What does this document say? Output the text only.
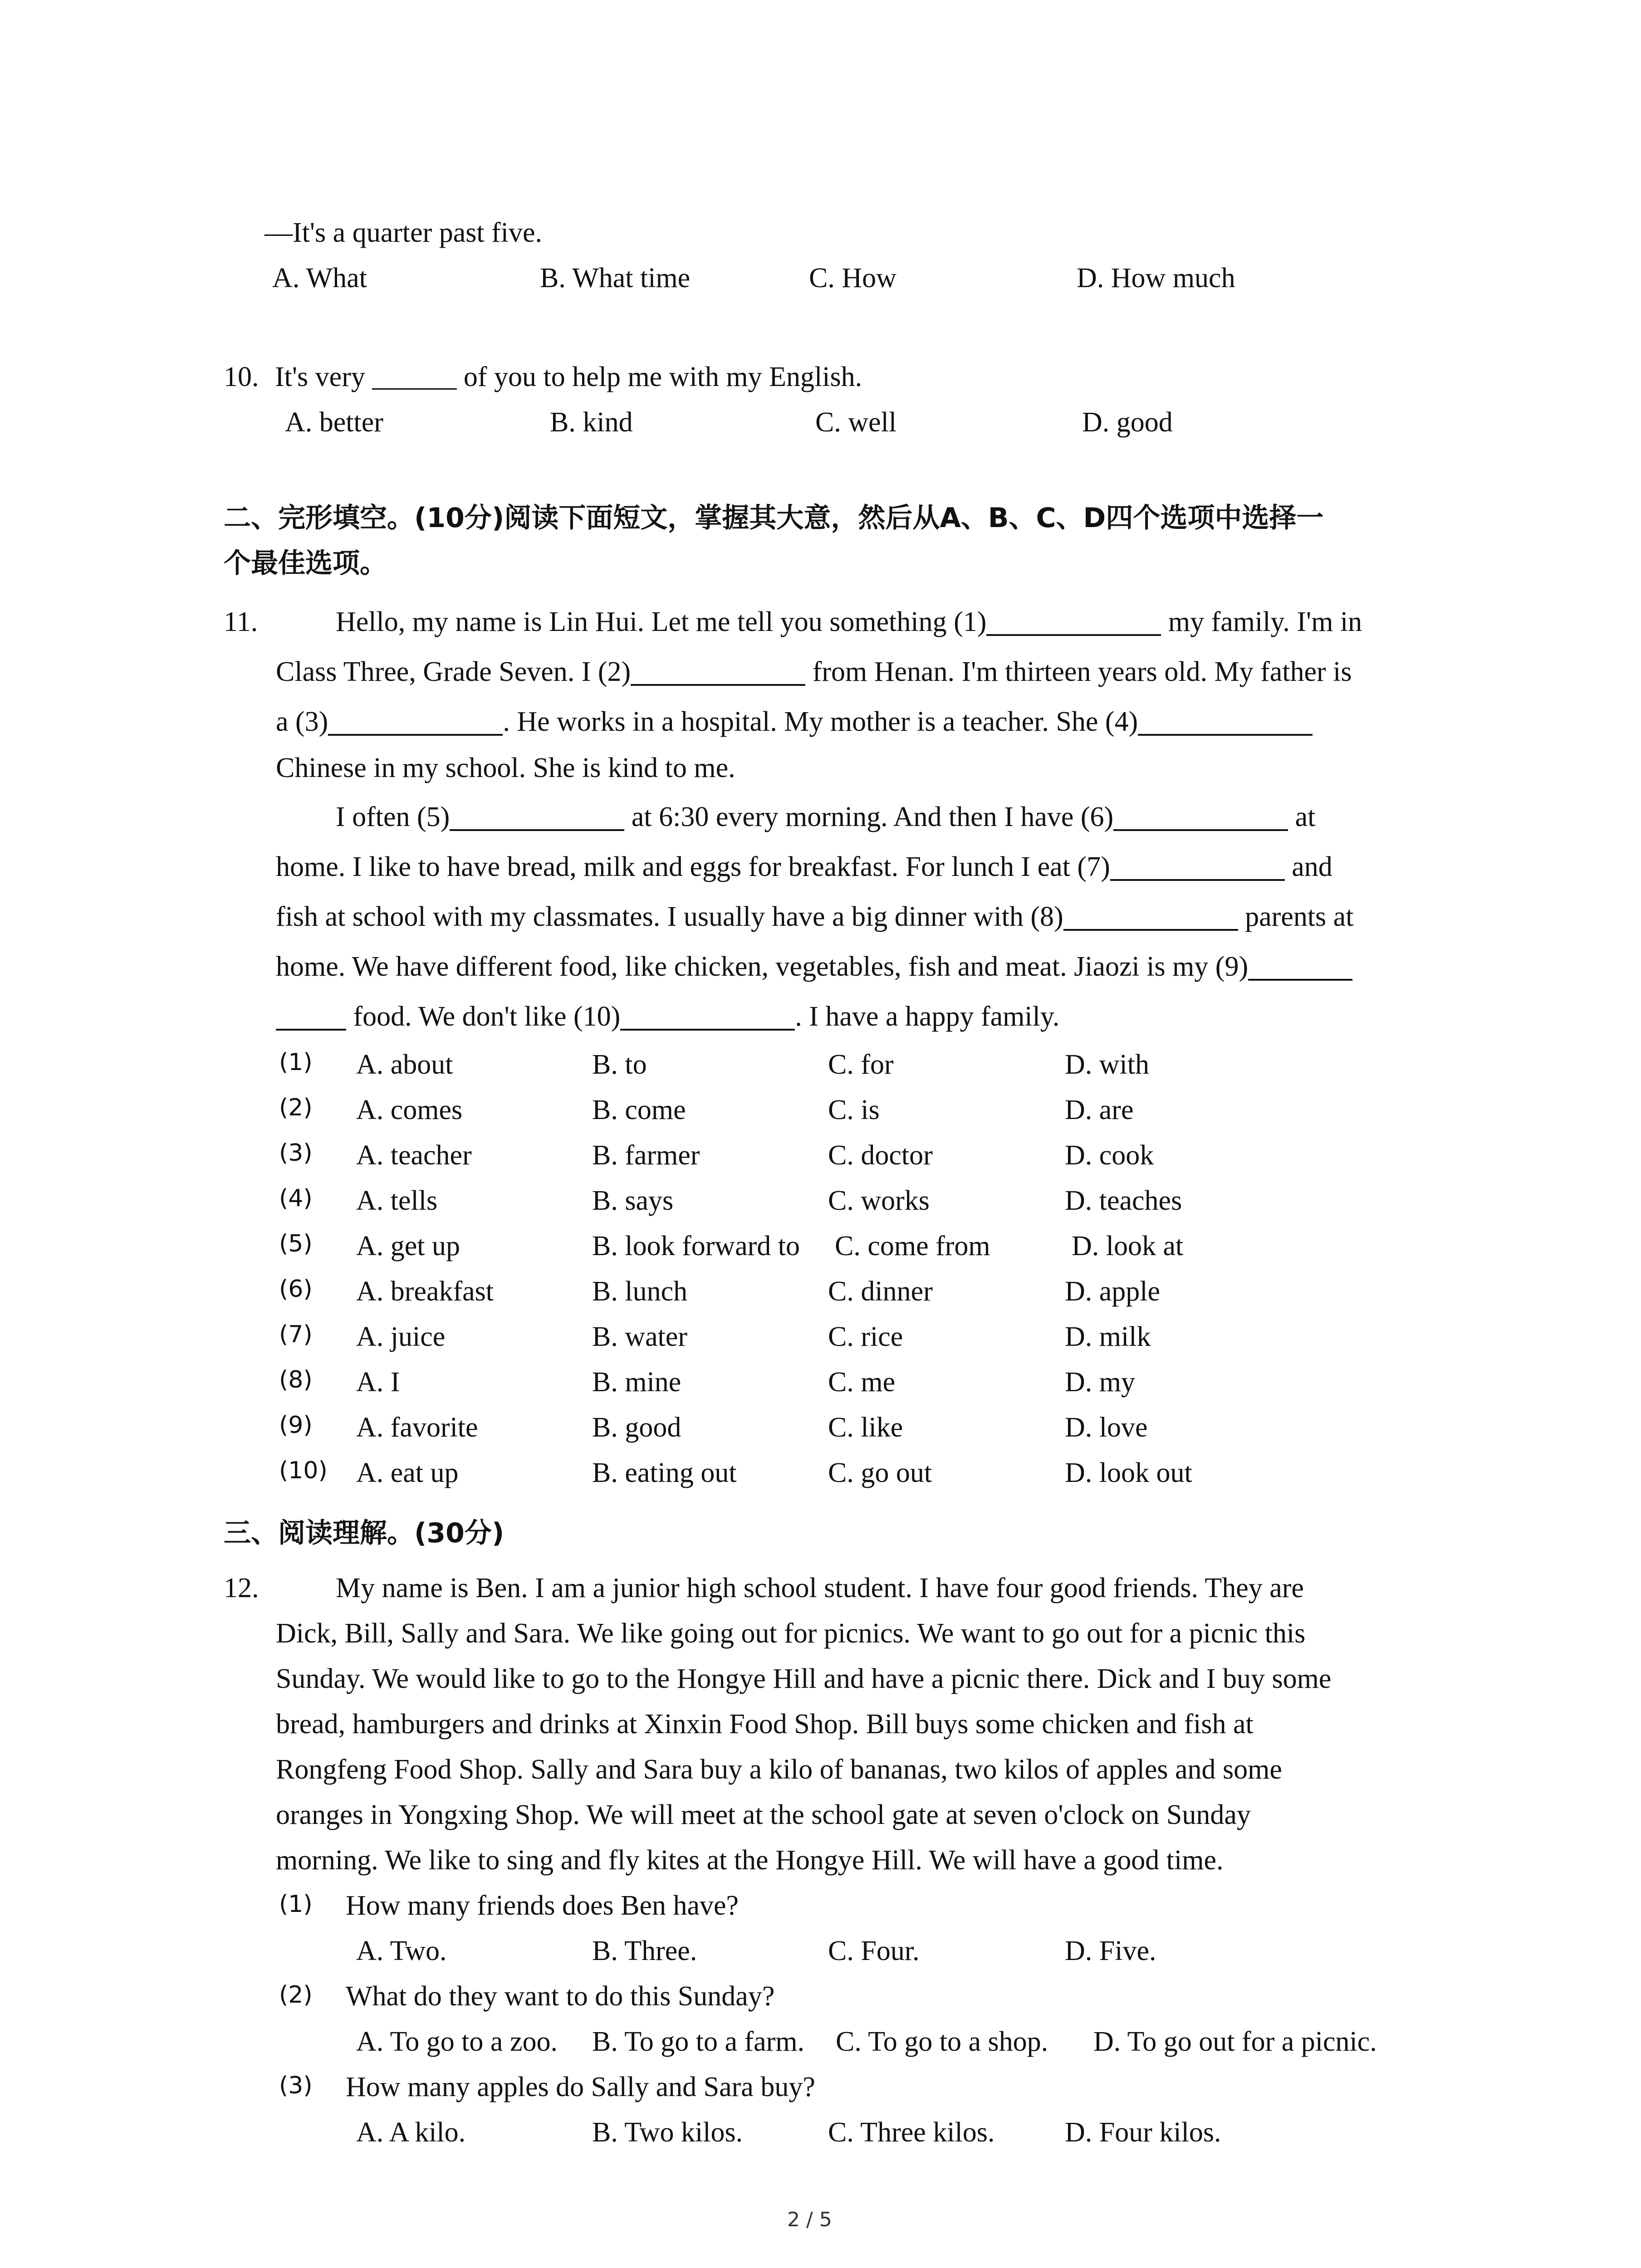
—It's a quarter past five.
A. What	B. What time	C. How	D. How much
10. It's very ______ of you to help me with my English.
A. better	B. kind	C. well	D. good
二、完形填空。(10分)阅读下面短文，掌握其大意，然后从A、B、C、D四个选项中选择一
个最佳选项。
11.	Hello, my name is Lin Hui. Let me tell you something (1)	my family. I'm in
Class Three, Grade Seven. I (2)	from Henan. I'm thirteen years old. My father is
a (3)	. He works in a hospital. My mother is a teacher. She (4)
Chinese in my school. She is kind to me.
I often (5)	at 6:30 every morning. And then I have (6)	at
home. I like to have bread, milk and eggs for breakfast. For lunch I eat (7)	and
fish at school with my classmates. I usually have a big dinner with (8)	parents at
home. We have different food, like chicken, vegetables, fish and meat. Jiaozi is my (9)
food. We don't like (10)	. I have a happy family.
(1) A. about	B. to	C. for	D. with
(2) A. comes	B. come	C. is	D. are
(3) A. teacher	B. farmer	C. doctor	D. cook
(4) A. tells	B. says	C. works	D. teaches
(5) A. get up	B. look forward to C. come from	D. look at
(6) A. breakfast	B. lunch	C. dinner	D. apple
(7) A. juice	B. water	C. rice	D. milk
(8) A. I	B. mine	C. me	D. my
(9) A. favorite	B. good	C. like	D. love
(10) A. eat up	B. eating out	C. go out	D. look out
三、阅读理解。(30分)
12.	My name is Ben. I am a junior high school student. I have four good friends. They are
Dick, Bill, Sally and Sara. We like going out for picnics. We want to go out for a picnic this
Sunday. We would like to go to the Hongye Hill and have a picnic there. Dick and I buy some
bread, hamburgers and drinks at Xinxin Food Shop. Bill buys some chicken and fish at
Rongfeng Food Shop. Sally and Sara buy a kilo of bananas, two kilos of apples and some
oranges in Yongxing Shop. We will meet at the school gate at seven o'clock on Sunday
morning. We like to sing and fly kites at the Hongye Hill. We will have a good time.
(1) How many friends does Ben have?
A. Two.	B. Three.	C. Four.	D. Five.
(2) What do they want to do this Sunday?
A. To go to a zoo. B. To go to a farm. C. To go to a shop. D. To go out for a picnic.
(3) How many apples do Sally and Sara buy?
A. A kilo.	B. Two kilos.	C. Three kilos. D. Four kilos.
2 / 5
